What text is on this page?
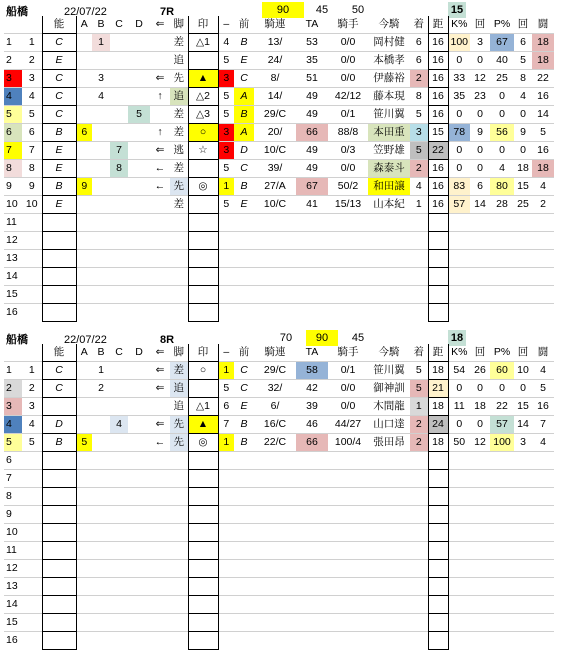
船橋	22/07/22	7R	90	45	50	15
		能	A	B	C	D	⇐	脚	印	–	前	騎連	TA	騎手	今騎	着	距	K%	回	P%	回	闘
1	1	C		1				差	△1	4	B	13/	53	0/0	岡村健	6	16	100	3	67	6	18
2	2	E						追		5	E	24/	35	0/0	本橋孝	6	16	0	0	40	5	18
3	3	C		3			⇐	先	▲	3	C	8/	51	0/0	伊藤裕	2	16	33	12	25	8	22
4	4	C		4			↑	追	△2	5	A	14/	49	42/12	藤本現	8	16	35	23	0	4	16
5	5	C				5		差	△3	5	B	29/C	49	0/1	笹川翼	5	16	0	0	0	0	14
6	6	B	6				↑	差	○	3	A	20/	66	88/8	本田重	3	15	78	9	56	9	5
7	7	E			7		⇐	逃	☆	3	D	10/C	49	0/3	笠野雄	5	22	0	0	0	0	16
8	8	E			8		←	差		5	C	39/	49	0/0	森泰斗	2	16	0	0	4	18	18
9	9	B	9				←	先	◎	1	B	27/A	67	50/2	和田譲	4	16	83	6	80	15	4
10	10	E						差		5	E	10/C	41	15/13	山本紀	1	16	57	14	28	25	2
11																						
12																						
13																						
14																						
15																						
16																						
船橋	22/07/22	8R	70	90	45	18
		能	A	B	C	D	⇐	脚	印	–	前	騎連	TA	騎手	今騎	着	距	K%	回	P%	回	闘
1	1	C		1			⇐	差	○	1	C	29/C	58	0/1	笹川翼	5	18	54	26	60	10	4
2	2	C		2			⇐	追		5	C	32/	42	0/0	御神訓	5	21	0	0	0	0	5
3	3							追	△1	6	E	6/	39	0/0	木間龍	1	18	11	18	22	15	16
4	4	D			4		⇐	先	▲	7	B	16/C	46	44/27	山口達	2	24	0	0	57	14	7
5	5	B	5				←	先	◎	1	B	22/C	66	100/4	張田昂	2	18	50	12	100	3	4
6																						
7																						
8																						
9																						
10																						
11																						
12																						
13																						
14																						
15																						
16																						
